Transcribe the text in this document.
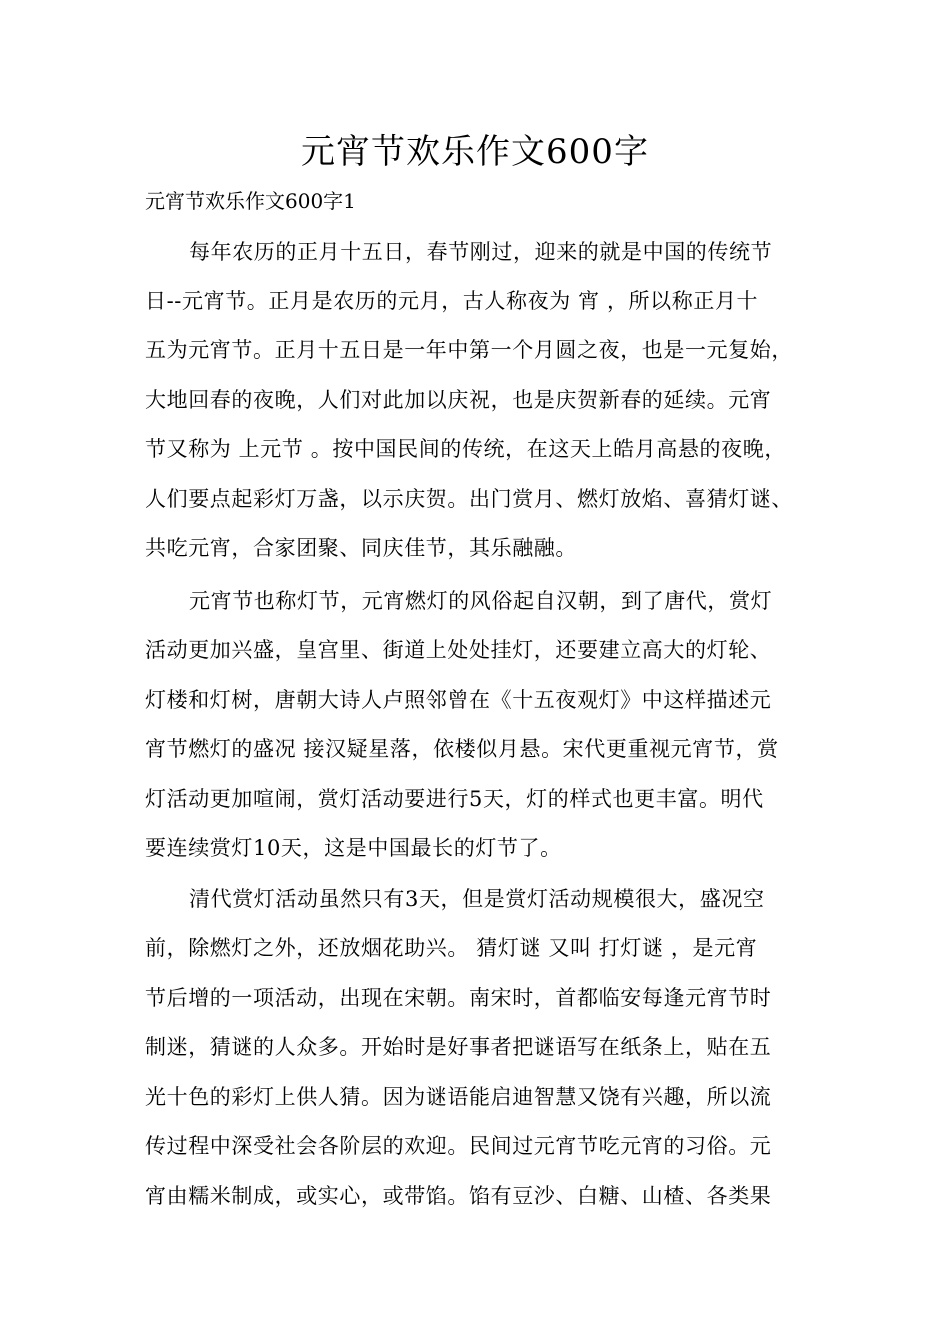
元宵节欢乐作文600字
元宵节欢乐作文600字1
每年农历的正月十五日，春节刚过，迎来的就是中国的传统节
日--元宵节。正月是农历的元月，古人称夜为 宵 ，所以称正月十
五为元宵节。正月十五日是一年中第一个月圆之夜，也是一元复始，
大地回春的夜晚，人们对此加以庆祝，也是庆贺新春的延续。元宵
节又称为 上元节 。按中国民间的传统，在这天上皓月高悬的夜晚，
人们要点起彩灯万盏，以示庆贺。出门赏月、燃灯放焰、喜猜灯谜、
共吃元宵，合家团聚、同庆佳节，其乐融融。
元宵节也称灯节，元宵燃灯的风俗起自汉朝，到了唐代，赏灯
活动更加兴盛，皇宫里、街道上处处挂灯，还要建立高大的灯轮、
灯楼和灯树，唐朝大诗人卢照邻曾在《十五夜观灯》中这样描述元
宵节燃灯的盛况 接汉疑星落，依楼似月悬。宋代更重视元宵节，赏
灯活动更加喧闹，赏灯活动要进行5天，灯的样式也更丰富。明代
要连续赏灯10天，这是中国最长的灯节了。
清代赏灯活动虽然只有3天，但是赏灯活动规模很大，盛况空
前，除燃灯之外，还放烟花助兴。 猜灯谜 又叫 打灯谜 ，是元宵
节后增的一项活动，出现在宋朝。南宋时，首都临安每逢元宵节时
制迷，猜谜的人众多。开始时是好事者把谜语写在纸条上，贴在五
光十色的彩灯上供人猜。因为谜语能启迪智慧又饶有兴趣，所以流
传过程中深受社会各阶层的欢迎。民间过元宵节吃元宵的习俗。元
宵由糯米制成，或实心，或带馅。馅有豆沙、白糖、山楂、各类果
